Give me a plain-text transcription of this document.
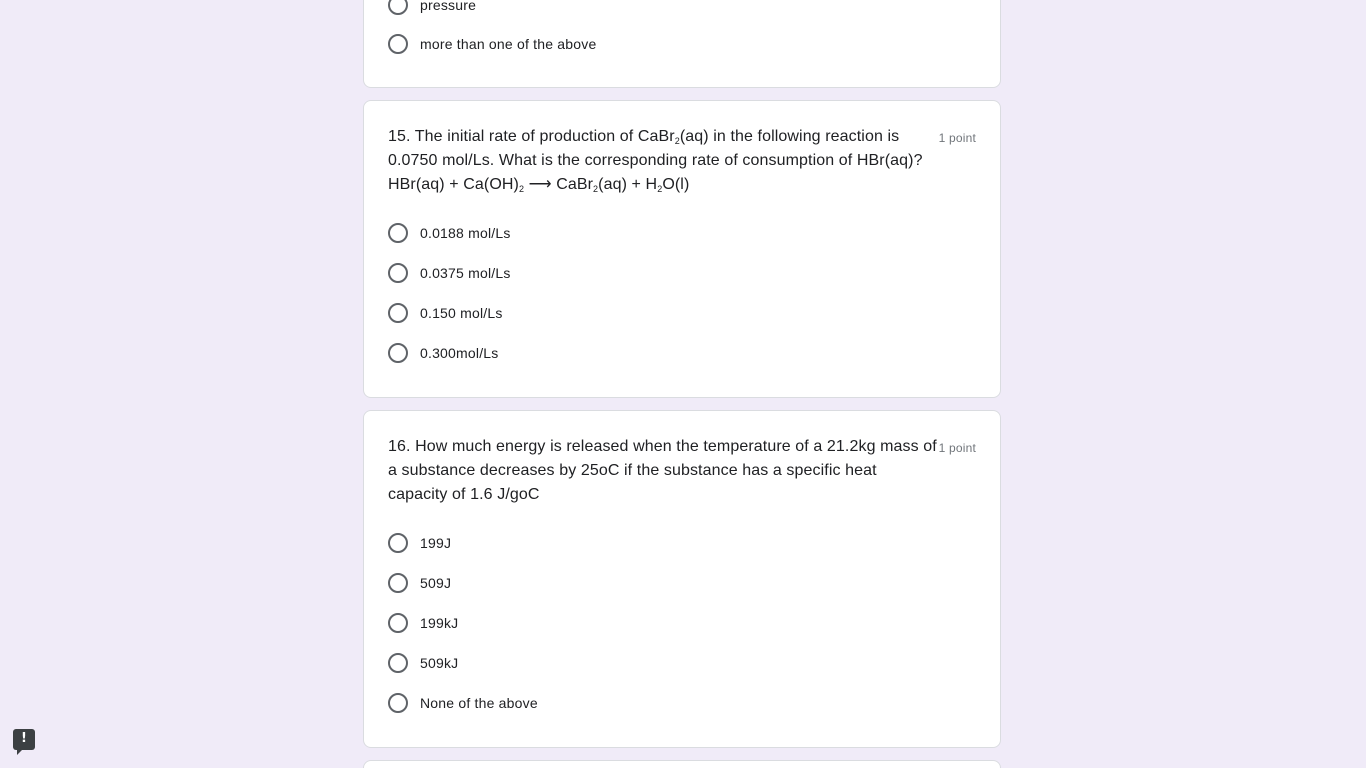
pressure
more than one of the above
15. The initial rate of production of CaBr$_2$(aq) in the following reaction is
0.0750 mol/Ls. What is the corresponding rate of consumption of HBr(aq)?
$HBr(aq) + Ca(OH)_2$ ⟶ CaBr$_2$(aq) + $H_2O(l)$
1 point
0.0188 mol/Ls
0.0375 mol/Ls
0.150 mol/Ls
0.300mol/Ls
16. How much energy is released when the temperature of a 21.2kg mass of
a substance decreases by 25oC if the substance has a specific heat
capacity of 1.6 J/goC
1 point
199J
509J
199kJ
509kJ
None of the above
!
